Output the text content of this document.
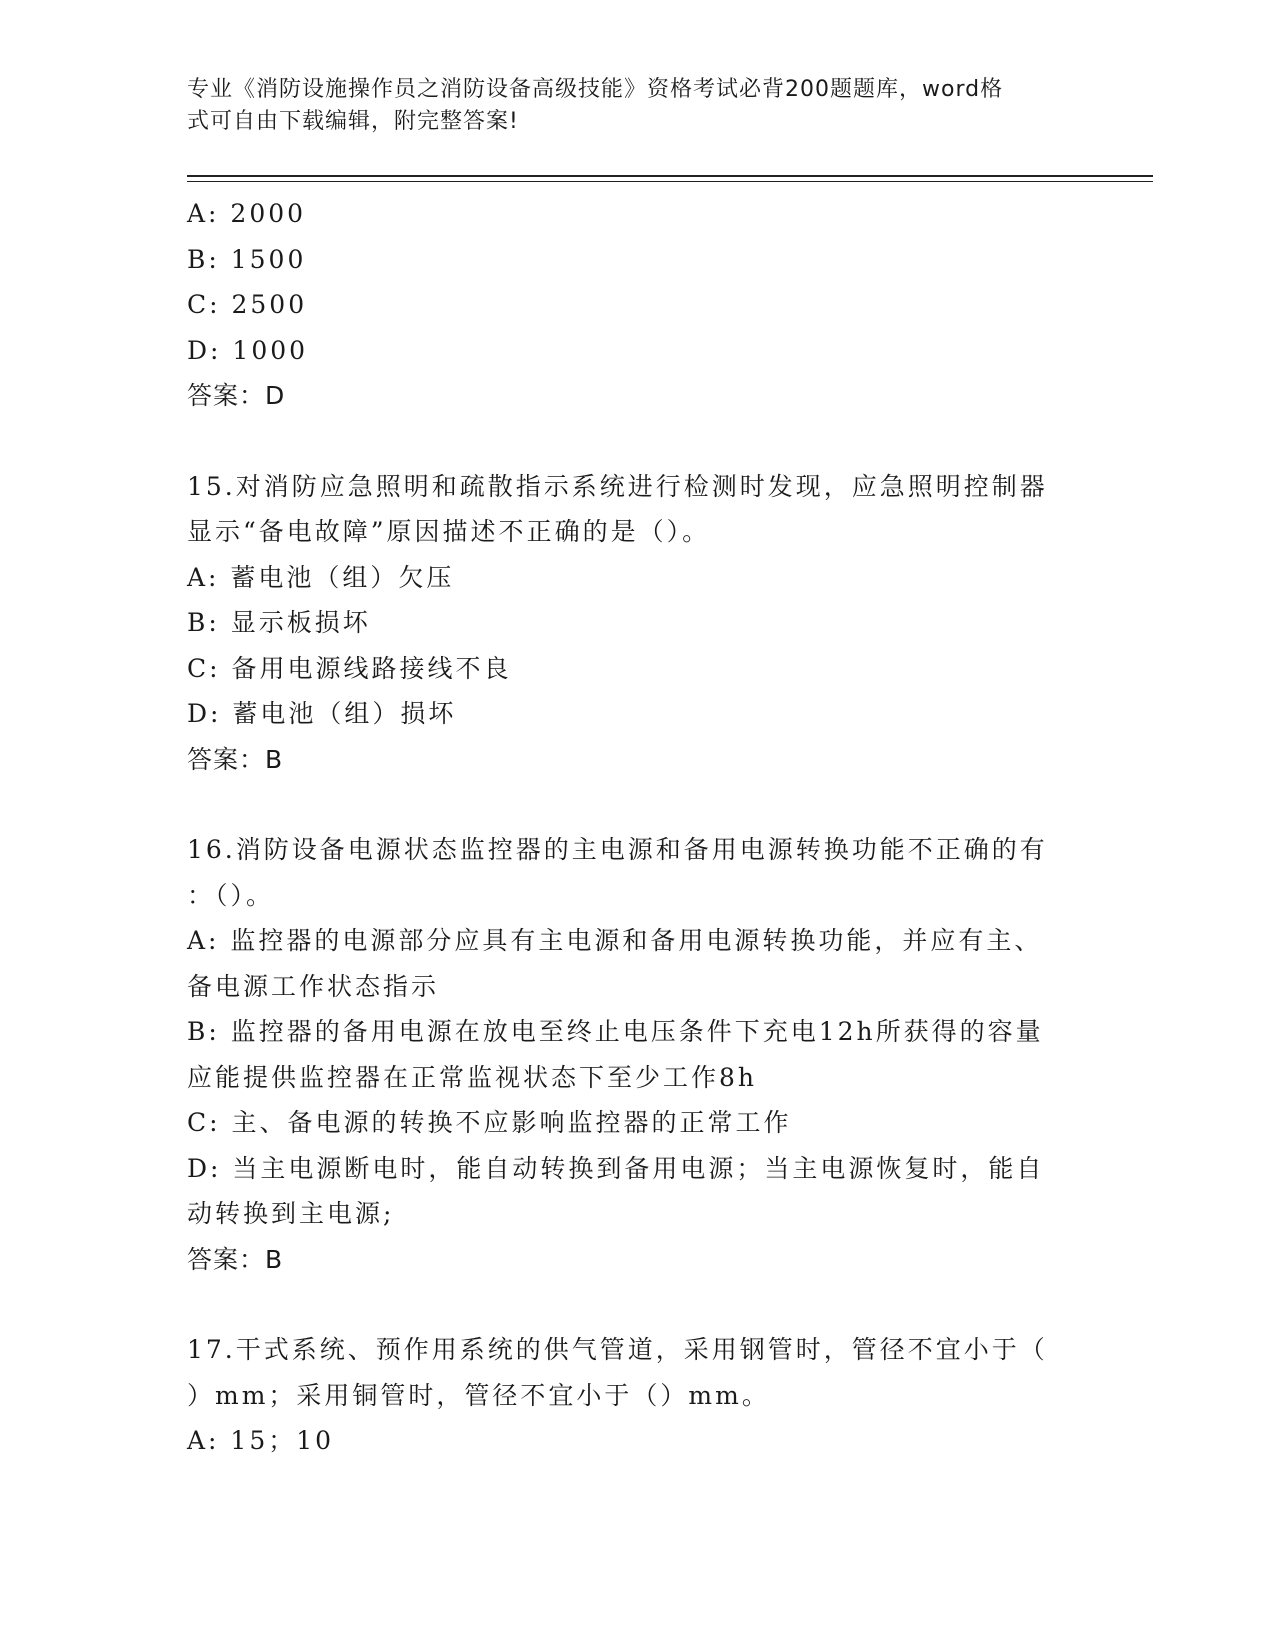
专业《消防设施操作员之消防设备高级技能》资格考试必背200题题库，word格
式可自由下载编辑，附完整答案!
A: 2000
B: 1500
C: 2500
D: 1000
答案：D
15.对消防应急照明和疏散指示系统进行检测时发现，应急照明控制器
显示“备电故障”原因描述不正确的是（）。
A: 蓄电池（组）欠压
B: 显示板损坏
C: 备用电源线路接线不良
D: 蓄电池（组）损坏
答案：B
16.消防设备电源状态监控器的主电源和备用电源转换功能不正确的有
：（）。
A: 监控器的电源部分应具有主电源和备用电源转换功能，并应有主、
备电源工作状态指示
B: 监控器的备用电源在放电至终止电压条件下充电12h所获得的容量
应能提供监控器在正常监视状态下至少工作8h
C: 主、备电源的转换不应影响监控器的正常工作
D: 当主电源断电时，能自动转换到备用电源；当主电源恢复时，能自
动转换到主电源;
答案：B
17.干式系统、预作用系统的供气管道，采用钢管时，管径不宜小于（
）mm；采用铜管时，管径不宜小于（）mm。
A: 15；10
